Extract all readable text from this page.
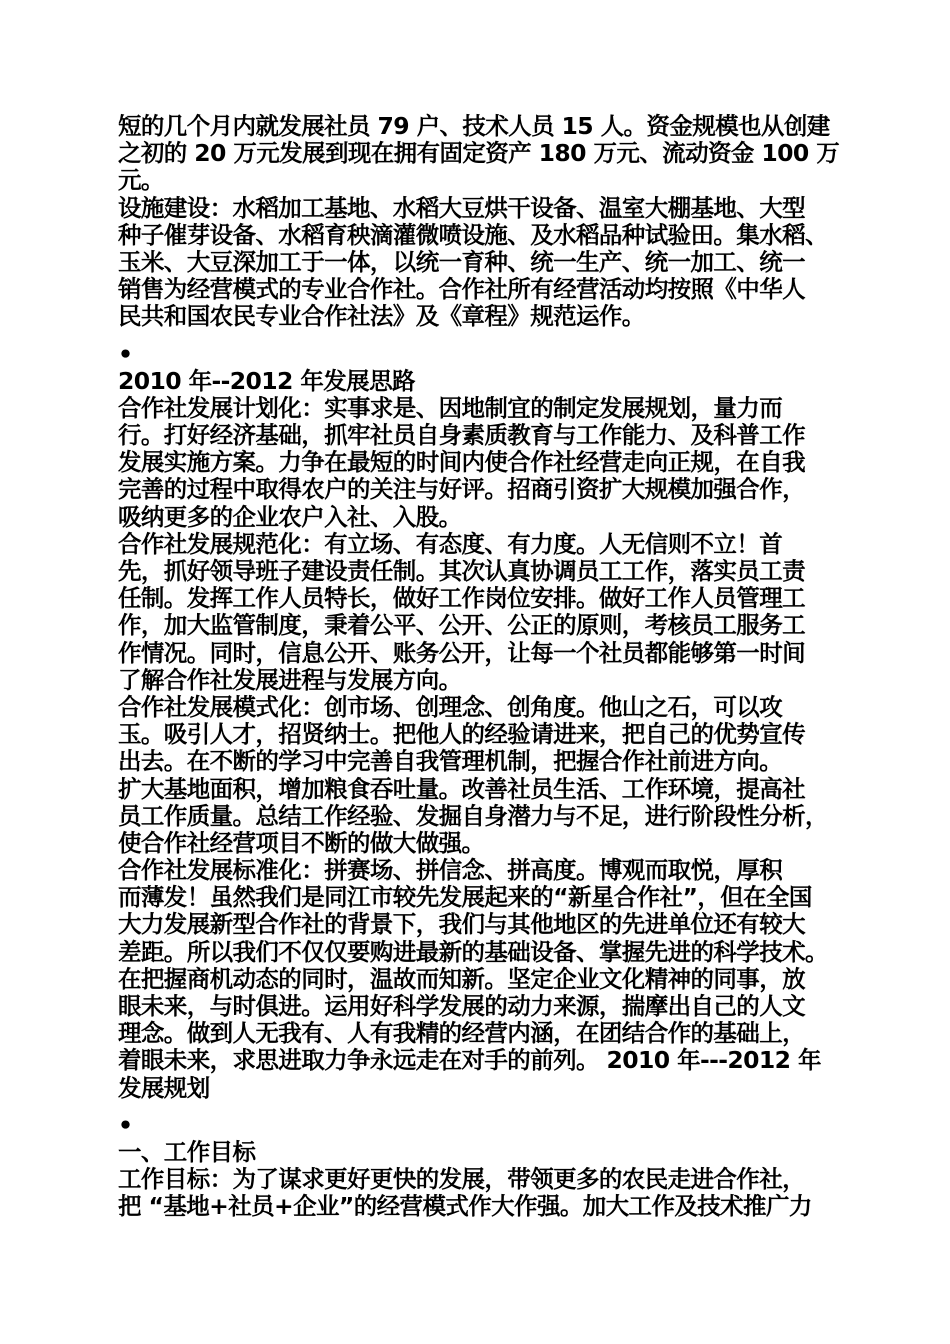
短的几个月内就发展社员 79 户、技术人员 15 人。资金规模也从创建
之初的 20 万元发展到现在拥有固定资产 180 万元、流动资金 100 万
元。
设施建设：水稻加工基地、水稻大豆烘干设备、温室大棚基地、大型
种子催芽设备、水稻育秧滴灌微喷设施、及水稻品种试验田。集水稻、
玉米、大豆深加工于一体，以统一育种、统一生产、统一加工、统一
销售为经营模式的专业合作社。合作社所有经营活动均按照《中华人
民共和国农民专业合作社法》及《章程》规范运作。
•
2010 年--2012 年发展思路
合作社发展计划化：实事求是、因地制宜的制定发展规划，量力而
行。打好经济基础，抓牢社员自身素质教育与工作能力、及科普工作
发展实施方案。力争在最短的时间内使合作社经营走向正规，在自我
完善的过程中取得农户的关注与好评。招商引资扩大规模加强合作，
吸纳更多的企业农户入社、入股。
合作社发展规范化：有立场、有态度、有力度。人无信则不立！首
先，抓好领导班子建设责任制。其次认真协调员工工作，落实员工责
任制。发挥工作人员特长，做好工作岗位安排。做好工作人员管理工
作，加大监管制度，秉着公平、公开、公正的原则，考核员工服务工
作情况。同时，信息公开、账务公开，让每一个社员都能够第一时间
了解合作社发展进程与发展方向。
合作社发展模式化：创市场、创理念、创角度。他山之石，可以攻
玉。吸引人才，招贤纳士。把他人的经验请进来，把自己的优势宣传
出去。在不断的学习中完善自我管理机制，把握合作社前进方向。
扩大基地面积，增加粮食吞吐量。改善社员生活、工作环境，提高社
员工作质量。总结工作经验、发掘自身潜力与不足，进行阶段性分析，
使合作社经营项目不断的做大做强。
合作社发展标准化：拼赛场、拼信念、拼高度。博观而取悦，厚积
而薄发！虽然我们是同江市较先发展起来的“新星合作社”，但在全国
大力发展新型合作社的背景下，我们与其他地区的先进单位还有较大
差距。所以我们不仅仅要购进最新的基础设备、掌握先进的科学技术。
在把握商机动态的同时，温故而知新。坚定企业文化精神的同事，放
眼未来，与时俱进。运用好科学发展的动力来源，揣摩出自己的人文
理念。做到人无我有、人有我精的经营内涵，在团结合作的基础上，
着眼未来，求思进取力争永远走在对手的前列。 2010 年---2012 年
发展规划
•
一、工作目标
工作目标：为了谋求更好更快的发展，带领更多的农民走进合作社，
把 “基地+社员+企业”的经营模式作大作强。加大工作及技术推广力
